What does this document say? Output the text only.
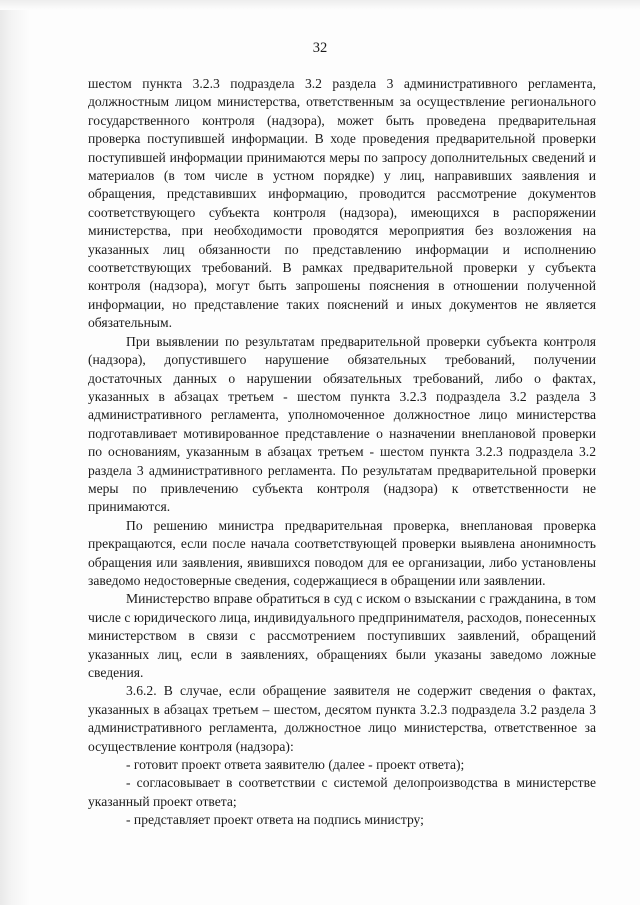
32

шестом пункта 3.2.3 подраздела 3.2 раздела 3 административного регламента, должностным лицом министерства, ответственным за осуществление регионального государственного контроля (надзора), может быть проведена предварительная проверка поступившей информации. В ходе проведения предварительной проверки поступившей информации принимаются меры по запросу дополнительных сведений и материалов (в том числе в устном порядке) у лиц, направивших заявления и обращения, представивших информацию, проводится рассмотрение документов соответствующего субъекта контроля (надзора), имеющихся в распоряжении министерства, при необходимости проводятся мероприятия без возложения на указанных лиц обязанности по представлению информации и исполнению соответствующих требований. В рамках предварительной проверки у субъекта контроля (надзора), могут быть запрошены пояснения в отношении полученной информации, но представление таких пояснений и иных документов не является обязательным.

При выявлении по результатам предварительной проверки субъекта контроля (надзора), допустившего нарушение обязательных требований, получении достаточных данных о нарушении обязательных требований, либо о фактах, указанных в абзацах третьем - шестом пункта 3.2.3 подраздела 3.2 раздела 3 административного регламента, уполномоченное должностное лицо министерства подготавливает мотивированное представление о назначении внеплановой проверки по основаниям, указанным в абзацах третьем - шестом пункта 3.2.3 подраздела 3.2 раздела 3 административного регламента. По результатам предварительной проверки меры по привлечению субъекта контроля (надзора) к ответственности не принимаются.

По решению министра предварительная проверка, внеплановая проверка прекращаются, если после начала соответствующей проверки выявлена анонимность обращения или заявления, явившихся поводом для ее организации, либо установлены заведомо недостоверные сведения, содержащиеся в обращении или заявлении.

Министерство вправе обратиться в суд с иском о взыскании с гражданина, в том числе с юридического лица, индивидуального предпринимателя, расходов, понесенных министерством в связи с рассмотрением поступивших заявлений, обращений указанных лиц, если в заявлениях, обращениях были указаны заведомо ложные сведения.

3.6.2. В случае, если обращение заявителя не содержит сведения о фактах, указанных в абзацах третьем – шестом, десятом пункта 3.2.3 подраздела 3.2 раздела 3 административного регламента, должностное лицо министерства, ответственное за осуществление контроля (надзора):

- готовит проект ответа заявителю (далее - проект ответа);

- согласовывает в соответствии с системой делопроизводства в министерстве указанный проект ответа;

- представляет проект ответа на подпись министру;
